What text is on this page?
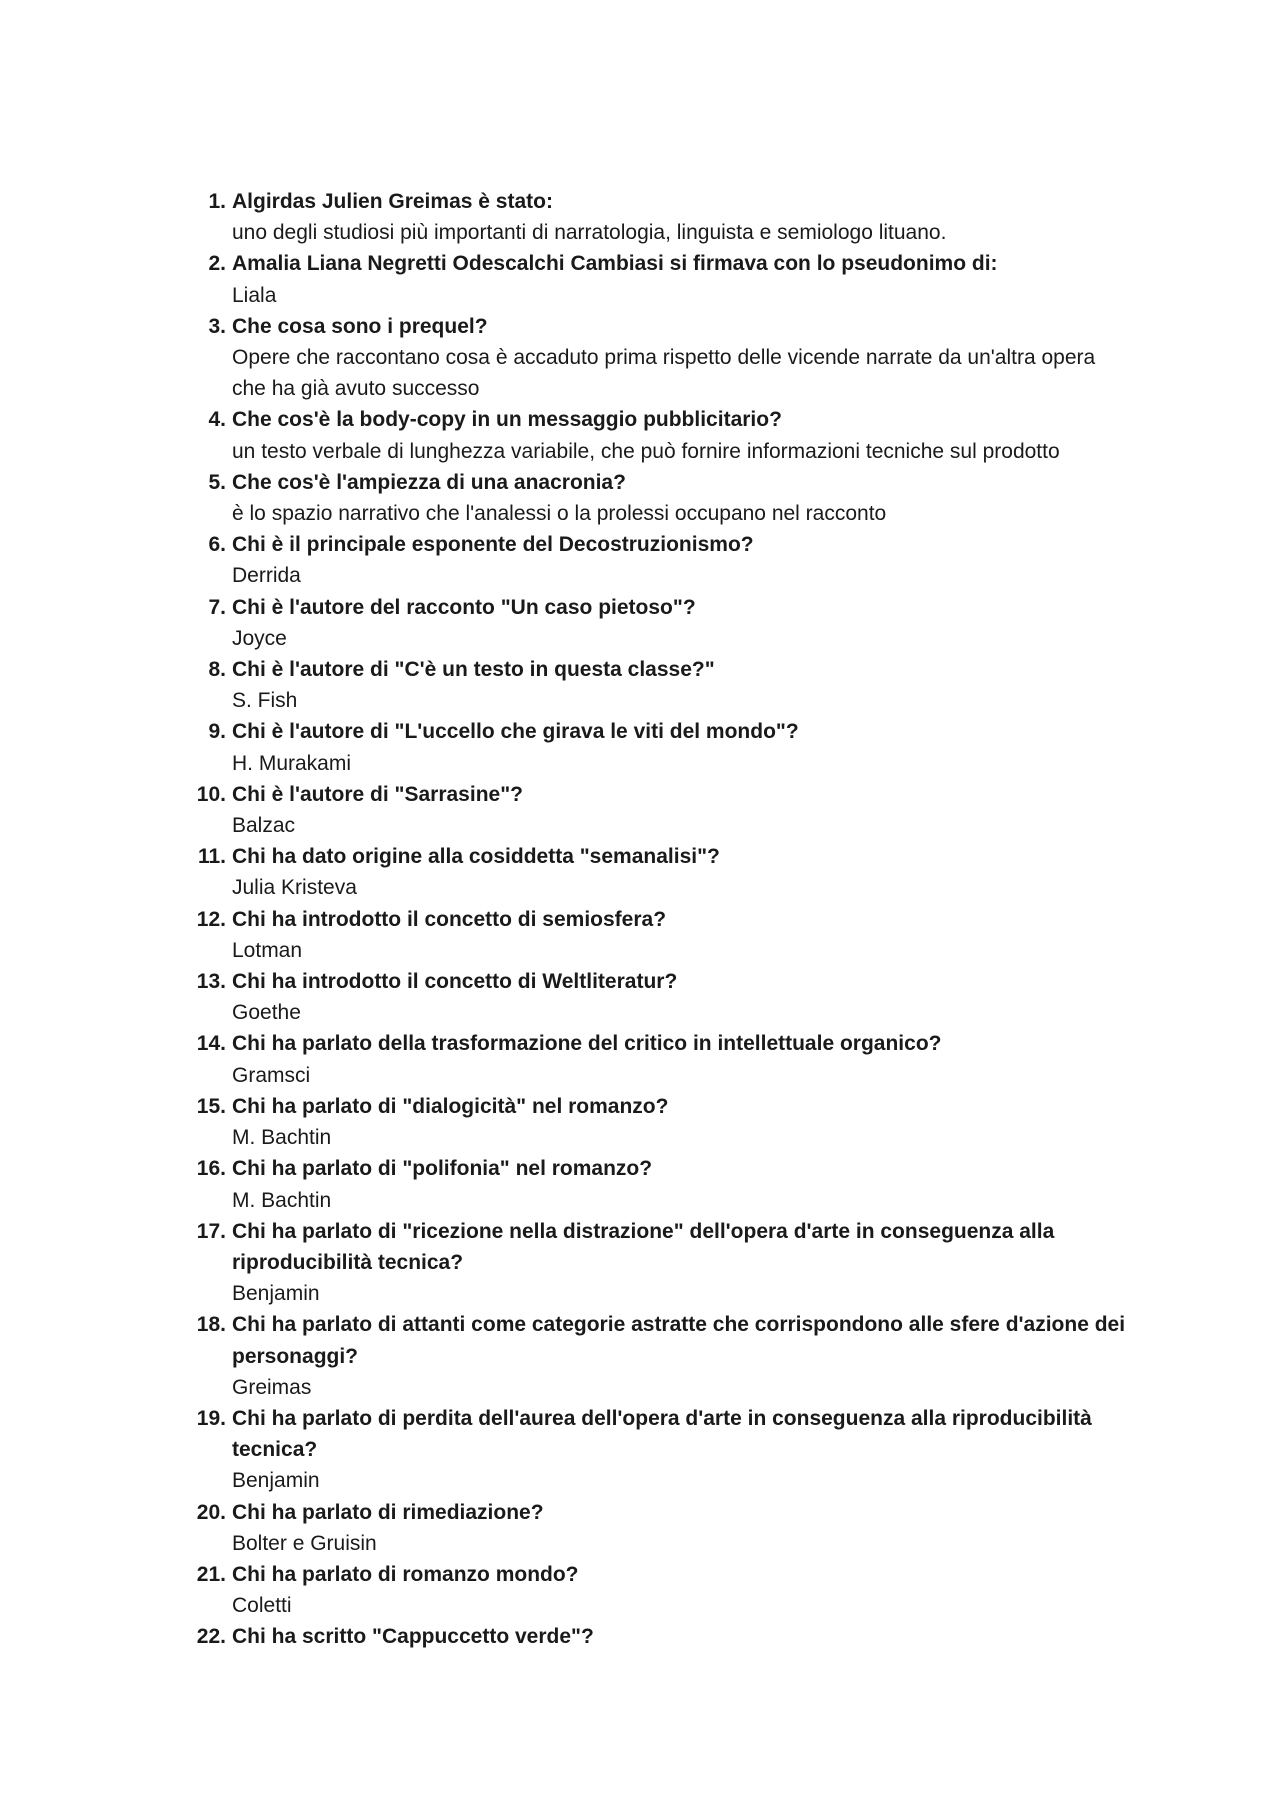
1. Algirdas Julien Greimas è stato:
uno degli studiosi più importanti di narratologia, linguista e semiologo lituano.
2. Amalia Liana Negretti Odescalchi Cambiasi si firmava con lo pseudonimo di:
Liala
3. Che cosa sono i prequel?
Opere che raccontano cosa è accaduto prima rispetto delle vicende narrate da un'altra opera che ha già avuto successo
4. Che cos'è la body-copy in un messaggio pubblicitario?
un testo verbale di lunghezza variabile, che può fornire informazioni tecniche sul prodotto
5. Che cos'è l'ampiezza di una anacronia?
è lo spazio narrativo che l'analessi o la prolessi occupano nel racconto
6. Chi è il principale esponente del Decostruzionismo?
Derrida
7. Chi è l'autore del racconto "Un caso pietoso"?
Joyce
8. Chi è l'autore di "C'è un testo in questa classe?"
S. Fish
9. Chi è l'autore di "L'uccello che girava le viti del mondo"?
H. Murakami
10. Chi è l'autore di "Sarrasine"?
Balzac
11. Chi ha dato origine alla cosiddetta "semanalisi"?
Julia Kristeva
12. Chi ha introdotto il concetto di semiosfera?
Lotman
13. Chi ha introdotto il concetto di Weltliteratur?
Goethe
14. Chi ha parlato della trasformazione del critico in intellettuale organico?
Gramsci
15. Chi ha parlato di "dialogicità" nel romanzo?
M. Bachtin
16. Chi ha parlato di "polifonia" nel romanzo?
M. Bachtin
17. Chi ha parlato di "ricezione nella distrazione" dell'opera d'arte in conseguenza alla riproducibilità tecnica?
Benjamin
18. Chi ha parlato di attanti come categorie astratte che corrispondono alle sfere d'azione dei personaggi?
Greimas
19. Chi ha parlato di perdita dell'aurea dell'opera d'arte in conseguenza alla riproducibilità tecnica?
Benjamin
20. Chi ha parlato di rimediazione?
Bolter e Gruisin
21. Chi ha parlato di romanzo mondo?
Coletti
22. Chi ha scritto "Cappuccetto verde"?
